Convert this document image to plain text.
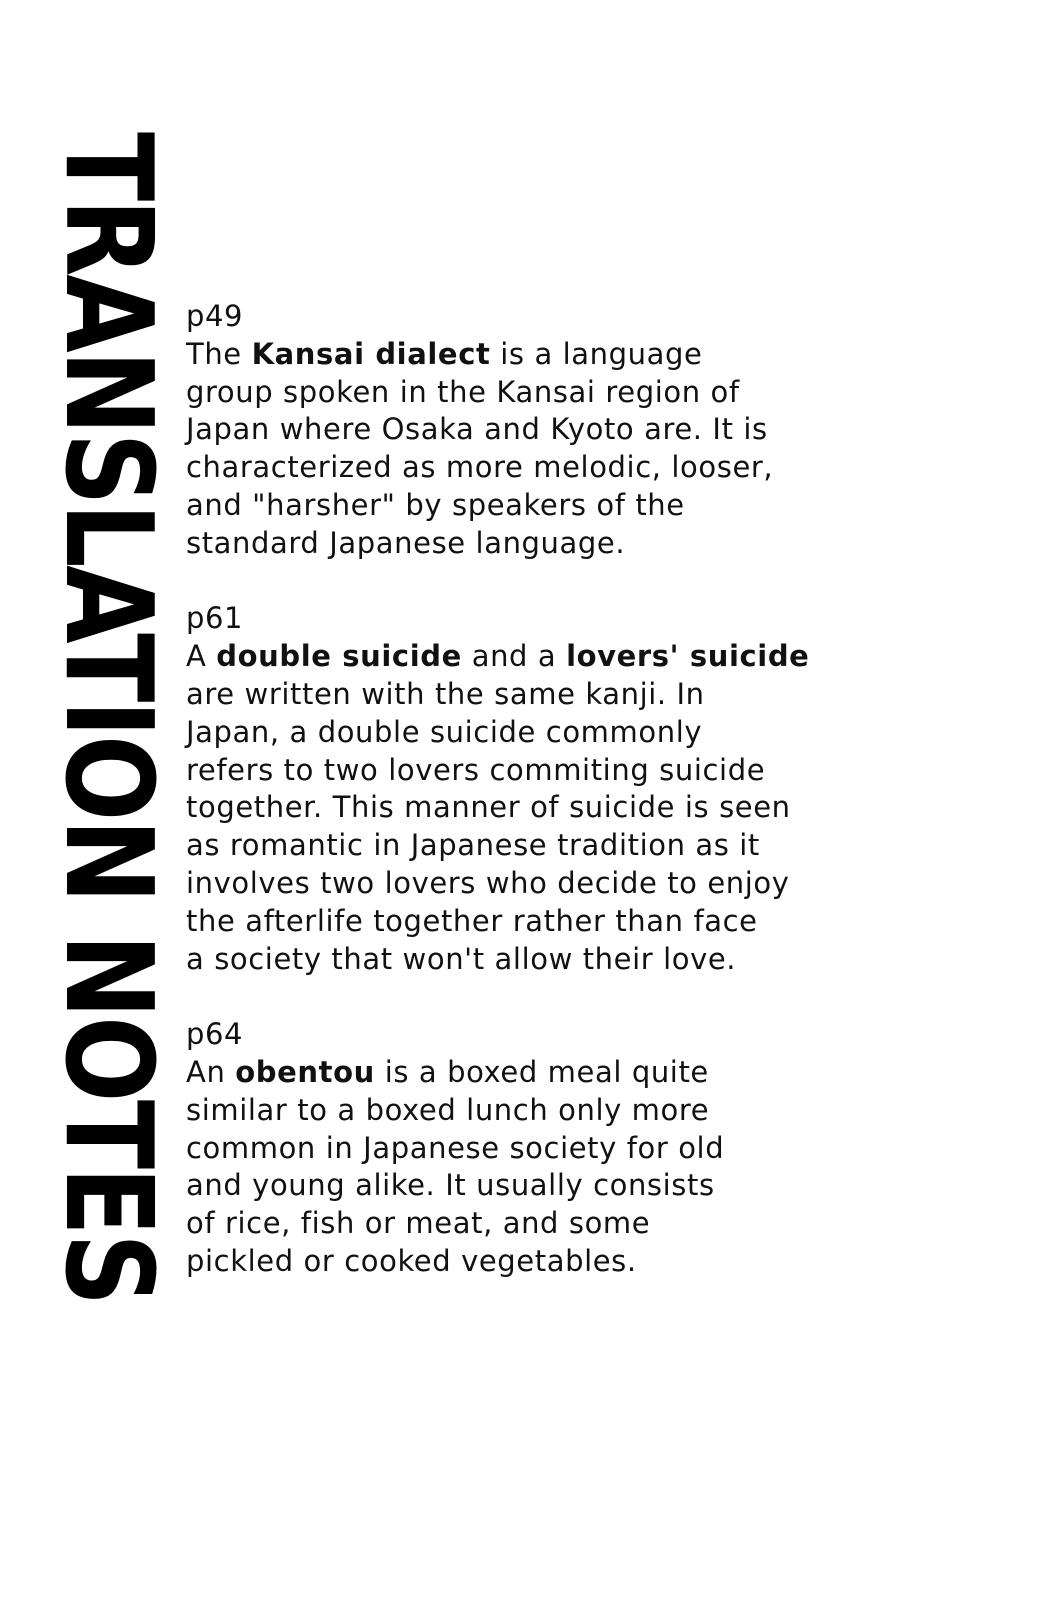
TRANSLATION NOTES p49
The Kansai dialect is a language
group spoken in the Kansai region of
Japan where Osaka and Kyoto are. It is
characterized as more melodic, looser,
and "harsher" by speakers of the
standard Japanese language.
p61
A double suicide and a lovers' suicide
are written with the same kanji. In
Japan, a double suicide commonly
refers to two lovers commiting suicide
together. This manner of suicide is seen
as romantic in Japanese tradition as it
involves two lovers who decide to enjoy
the afterlife together rather than face
a society that won't allow their love.
p64
An obentou is a boxed meal quite
similar to a boxed lunch only more
common in Japanese society for old
and young alike. It usually consists
of rice, fish or meat, and some
pickled or cooked vegetables.
